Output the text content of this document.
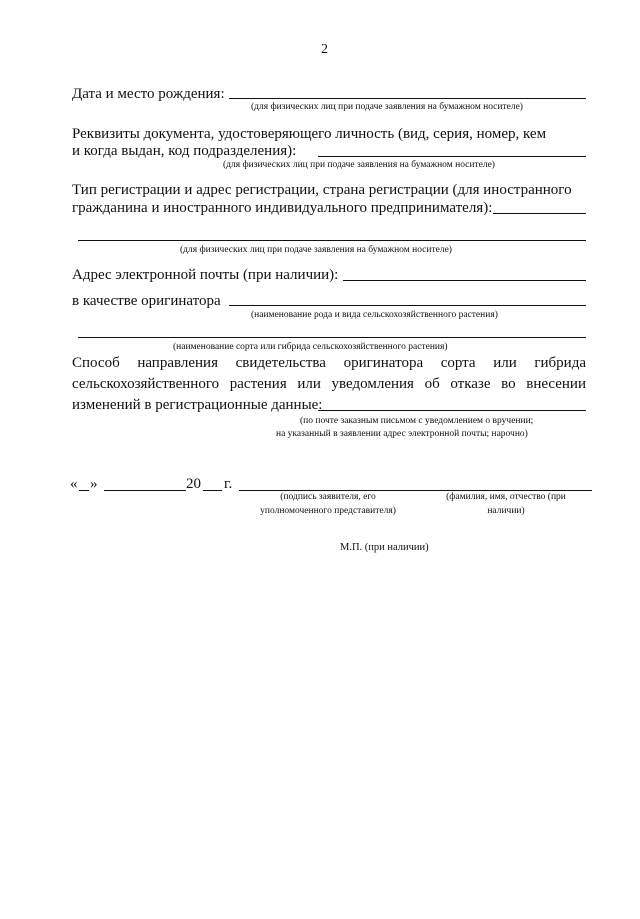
2
Дата и место рождения:
(для физических лиц при подаче заявления на бумажном носителе)
Реквизиты документа, удостоверяющего личность (вид, серия, номер, кем
и когда выдан, код подразделения):
(для физических лиц при подаче заявления на бумажном носителе)
Тип регистрации и адрес регистрации, страна регистрации (для иностранного
гражданина и иностранного индивидуального предпринимателя):
(для физических лиц при подаче заявления на бумажном носителе)
Адрес электронной почты (при наличии):
в качестве оригинатора
(наименование рода и вида сельскохозяйственного растения)
(наименование сорта или гибрида сельскохозяйственного растения)
Способ направления свидетельства оригинатора сорта или гибрида
сельскохозяйственного растения или уведомления об отказе во внесении
изменений в регистрационные данные:
(по почте заказным письмом с уведомлением о вручении;
на указанный в заявлении адрес электронной почты; нарочно)
« »	20 г.
(подпись заявителя, его
уполномоченного представителя)
(фамилия, имя, отчество (при
наличии)
М.П. (при наличии)
